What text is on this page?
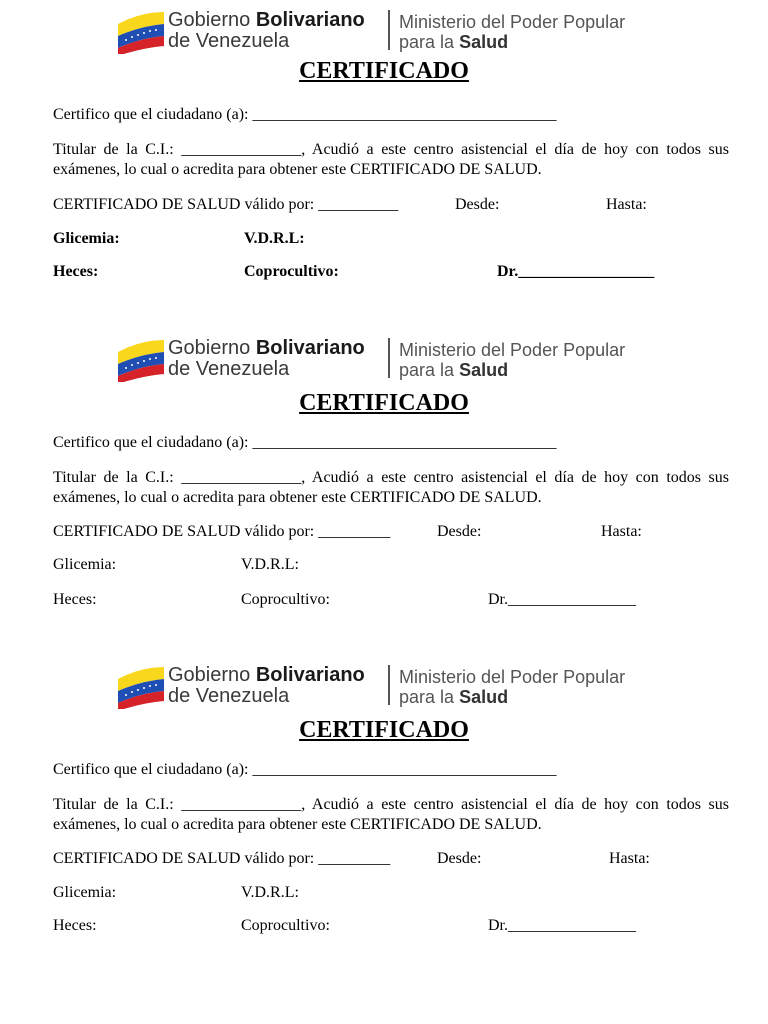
Gobierno Bolivariano
de Venezuela
Ministerio del Poder Popular
para la Salud
CERTIFICADO
Certifico que el ciudadano (a): ______________________________________
Titular de la C.I.: _______________, Acudió a este centro asistencial el día de hoy con todos sus exámenes, lo cual o acredita para obtener este CERTIFICADO DE SALUD.
CERTIFICADO DE SALUD válido por: __________	Desde:	Hasta:
Glicemia:	V.D.R.L:
Heces:	Coprocultivo:	Dr._________________
Gobierno Bolivariano
de Venezuela
Ministerio del Poder Popular
para la Salud
CERTIFICADO
Certifico que el ciudadano (a): ______________________________________
Titular de la C.I.: _______________, Acudió a este centro asistencial el día de hoy con todos sus exámenes, lo cual o acredita para obtener este CERTIFICADO DE SALUD.
CERTIFICADO DE SALUD válido por: _________	Desde:	Hasta:
Glicemia:	V.D.R.L:
Heces:	Coprocultivo:	Dr.________________
Gobierno Bolivariano
de Venezuela
Ministerio del Poder Popular
para la Salud
CERTIFICADO
Certifico que el ciudadano (a): ______________________________________
Titular de la C.I.: _______________, Acudió a este centro asistencial el día de hoy con todos sus exámenes, lo cual o acredita para obtener este CERTIFICADO DE SALUD.
CERTIFICADO DE SALUD válido por: _________	Desde:	Hasta:
Glicemia:	V.D.R.L:
Heces:	Coprocultivo:	Dr.________________
